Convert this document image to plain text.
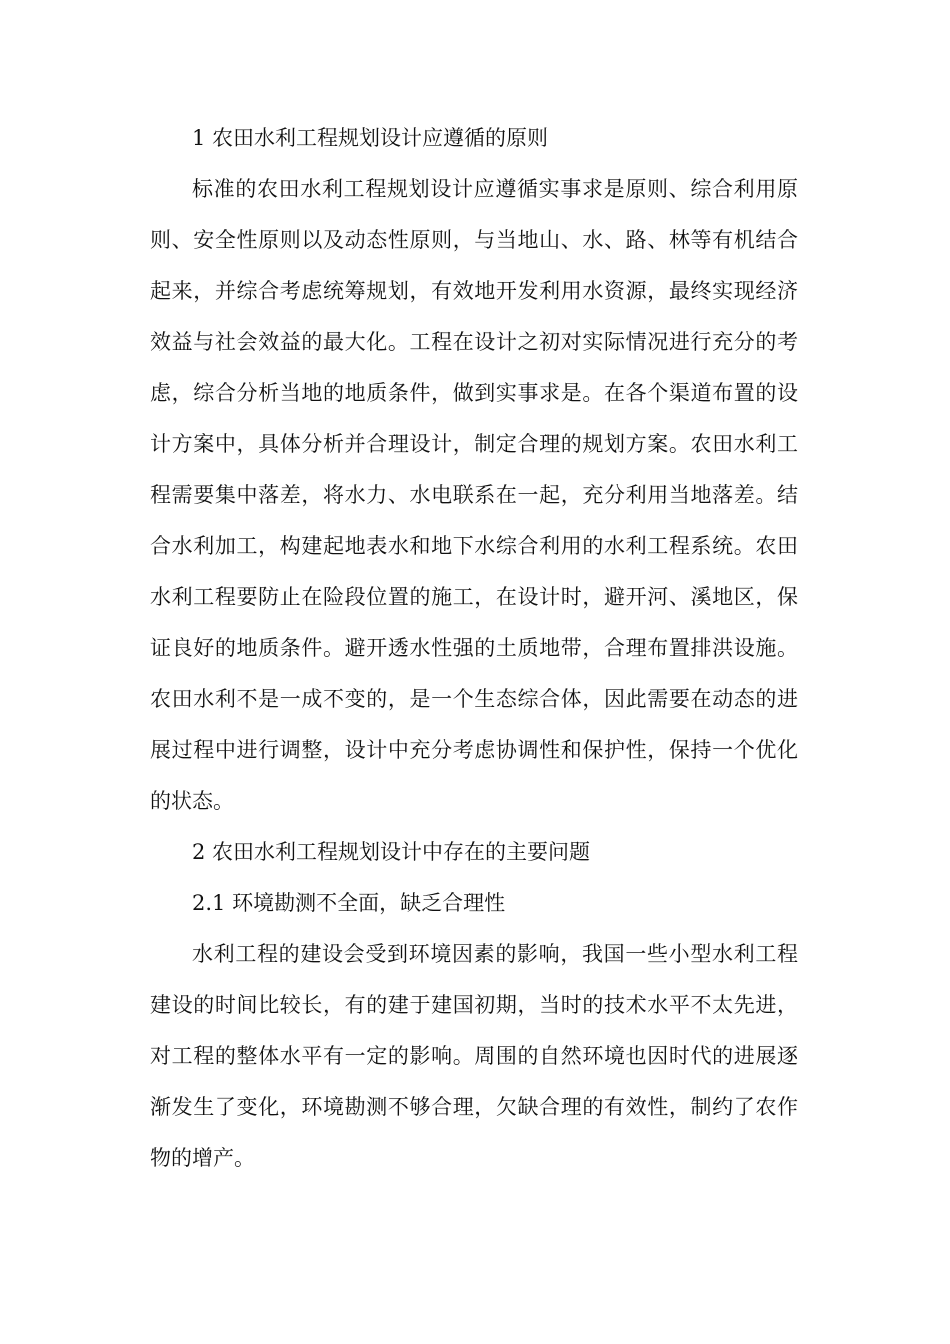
1 农田水利工程规划设计应遵循的原则

标准的农田水利工程规划设计应遵循实事求是原则、综合利用原则、安全性原则以及动态性原则，与当地山、水、路、林等有机结合起来，并综合考虑统筹规划，有效地开发利用水资源，最终实现经济效益与社会效益的最大化。工程在设计之初对实际情况进行充分的考虑，综合分析当地的地质条件，做到实事求是。在各个渠道布置的设计方案中，具体分析并合理设计，制定合理的规划方案。农田水利工程需要集中落差，将水力、水电联系在一起，充分利用当地落差。结合水利加工，构建起地表水和地下水综合利用的水利工程系统。农田水利工程要防止在险段位置的施工，在设计时，避开河、溪地区，保证良好的地质条件。避开透水性强的土质地带，合理布置排洪设施。农田水利不是一成不变的，是一个生态综合体，因此需要在动态的进展过程中进行调整，设计中充分考虑协调性和保护性，保持一个优化的状态。

2 农田水利工程规划设计中存在的主要问题

2.1 环境勘测不全面，缺乏合理性

水利工程的建设会受到环境因素的影响，我国一些小型水利工程建设的时间比较长，有的建于建国初期，当时的技术水平不太先进，对工程的整体水平有一定的影响。周围的自然环境也因时代的进展逐渐发生了变化，环境勘测不够合理，欠缺合理的有效性，制约了农作物的增产。
